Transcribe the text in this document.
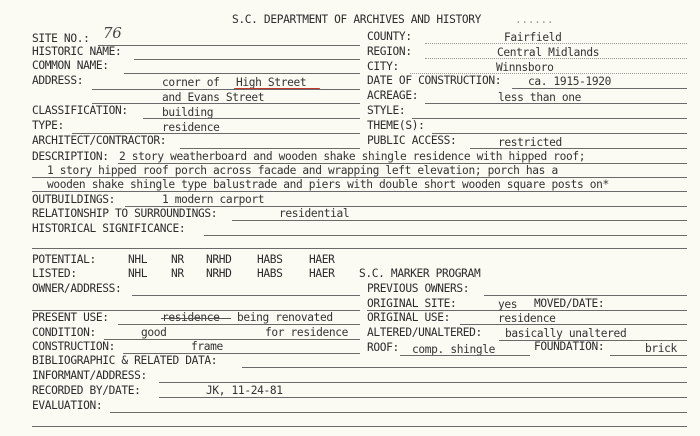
S.C. DEPARTMENT OF ARCHIVES AND HISTORY	......
SITE NO.: 76	COUNTY:	Fairfield
HISTORIC NAME:	REGION:	Central Midlands
COMMON NAME:	CITY:	Winnsboro
ADDRESS:	corner of High Street	DATE OF CONSTRUCTION: ca. 1915-1920
and Evans Street	ACREAGE:	less than one
CLASSIFICATION:	building	STYLE:
TYPE:	residence	THEME(S):
ARCHITECT/CONTRACTOR:	PUBLIC ACCESS:	restricted
DESCRIPTION: 2 story weatherboard and wooden shake shingle residence with hipped roof;
1 story hipped roof porch across facade and wrapping left elevation; porch has a
wooden shake shingle type balustrade and piers with double short wooden square posts on*
OUTBUILDINGS:	1 modern carport
RELATIONSHIP TO SURROUNDINGS:	residential
HISTORICAL SIGNIFICANCE:
POTENTIAL:	NHL NR NRHD HABS HAER
LISTED:	NHL NR NRHD HABS HAER S.C. MARKER PROGRAM
OWNER/ADDRESS:	PREVIOUS OWNERS:
ORIGINAL SITE:	yes MOVED/DATE:
PRESENT USE:	residence being renovated	ORIGINAL USE:	residence
CONDITION:	good	for residence ALTERED/UNALTERED: basically unaltered
CONSTRUCTION:	frame	ROOF: comp. shingle	FOUNDATION:	brick
BIBLIOGRAPHIC & RELATED DATA:
INFORMANT/ADDRESS:
RECORDED BY/DATE:	JK, 11-24-81
EVALUATION:
